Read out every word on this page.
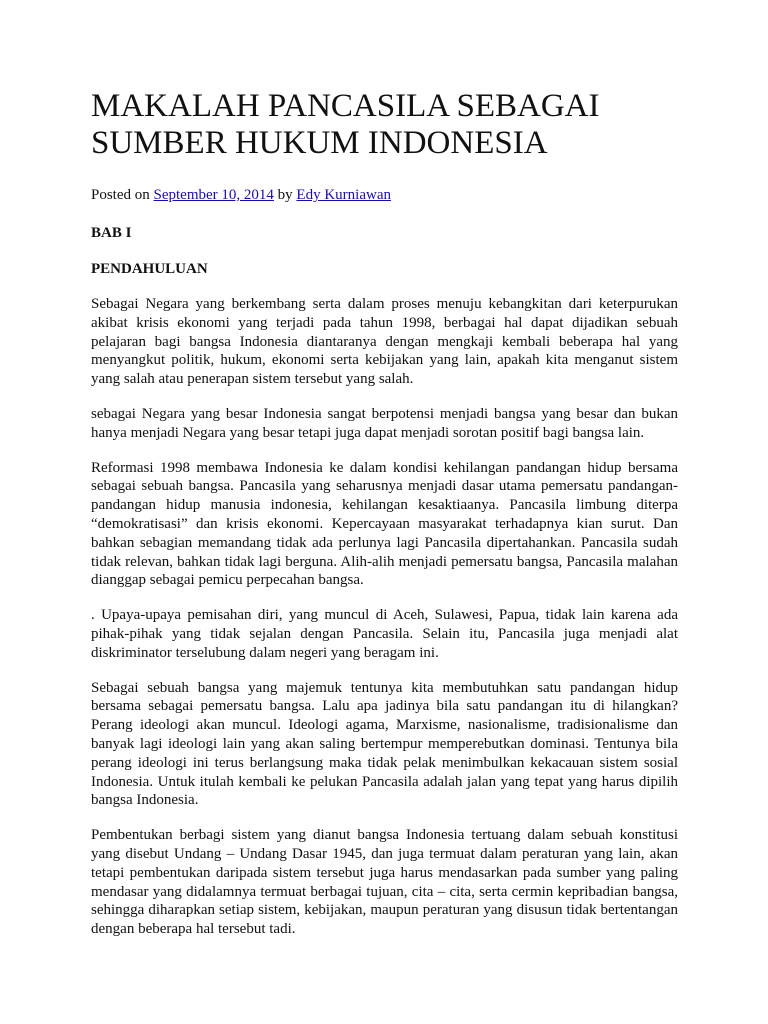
MAKALAH PANCASILA SEBAGAI SUMBER HUKUM INDONESIA
Posted on September 10, 2014 by Edy Kurniawan
BAB I
PENDAHULUAN

Sebagai Negara yang berkembang serta dalam proses menuju kebangkitan dari keterpurukan akibat krisis ekonomi yang terjadi pada tahun 1998, berbagai hal dapat dijadikan sebuah pelajaran bagi bangsa Indonesia diantaranya dengan mengkaji kembali beberapa hal yang menyangkut politik, hukum, ekonomi serta kebijakan yang lain, apakah kita menganut sistem yang salah atau penerapan sistem tersebut yang salah.

sebagai Negara yang besar Indonesia sangat berpotensi menjadi bangsa yang besar dan bukan hanya menjadi Negara yang besar tetapi juga dapat menjadi sorotan positif bagi bangsa lain.

Reformasi 1998 membawa Indonesia ke dalam kondisi kehilangan pandangan hidup bersama sebagai sebuah bangsa. Pancasila yang seharusnya menjadi dasar utama pemersatu pandangan-pandangan hidup manusia indonesia, kehilangan kesaktiaanya. Pancasila limbung diterpa “demokratisasi” dan krisis ekonomi. Kepercayaan masyarakat terhadapnya kian surut. Dan bahkan sebagian memandang tidak ada perlunya lagi Pancasila dipertahankan. Pancasila sudah tidak relevan, bahkan tidak lagi berguna. Alih-alih menjadi pemersatu bangsa, Pancasila malahan dianggap sebagai pemicu perpecahan bangsa.

. Upaya-upaya pemisahan diri, yang muncul di Aceh, Sulawesi, Papua, tidak lain karena ada pihak-pihak yang tidak sejalan dengan Pancasila. Selain itu, Pancasila juga menjadi alat diskriminator terselubung dalam negeri yang beragam ini.

Sebagai sebuah bangsa yang majemuk tentunya kita membutuhkan satu pandangan hidup bersama sebagai pemersatu bangsa. Lalu apa jadinya bila satu pandangan itu di hilangkan? Perang ideologi akan muncul. Ideologi agama, Marxisme, nasionalisme, tradisionalisme dan banyak lagi ideologi lain yang akan saling bertempur memperebutkan dominasi. Tentunya bila perang ideologi ini terus berlangsung maka tidak pelak menimbulkan kekacauan sistem sosial Indonesia. Untuk itulah kembali ke pelukan Pancasila adalah jalan yang tepat yang harus dipilih bangsa Indonesia.

Pembentukan berbagi sistem yang dianut bangsa Indonesia tertuang dalam sebuah konstitusi yang disebut Undang – Undang Dasar 1945, dan juga termuat dalam peraturan yang lain, akan tetapi pembentukan daripada sistem tersebut juga harus mendasarkan pada sumber yang paling mendasar yang didalamnya termuat berbagai tujuan, cita – cita, serta cermin kepribadian bangsa, sehingga diharapkan setiap sistem, kebijakan, maupun peraturan yang disusun tidak bertentangan dengan beberapa hal tersebut tadi.
